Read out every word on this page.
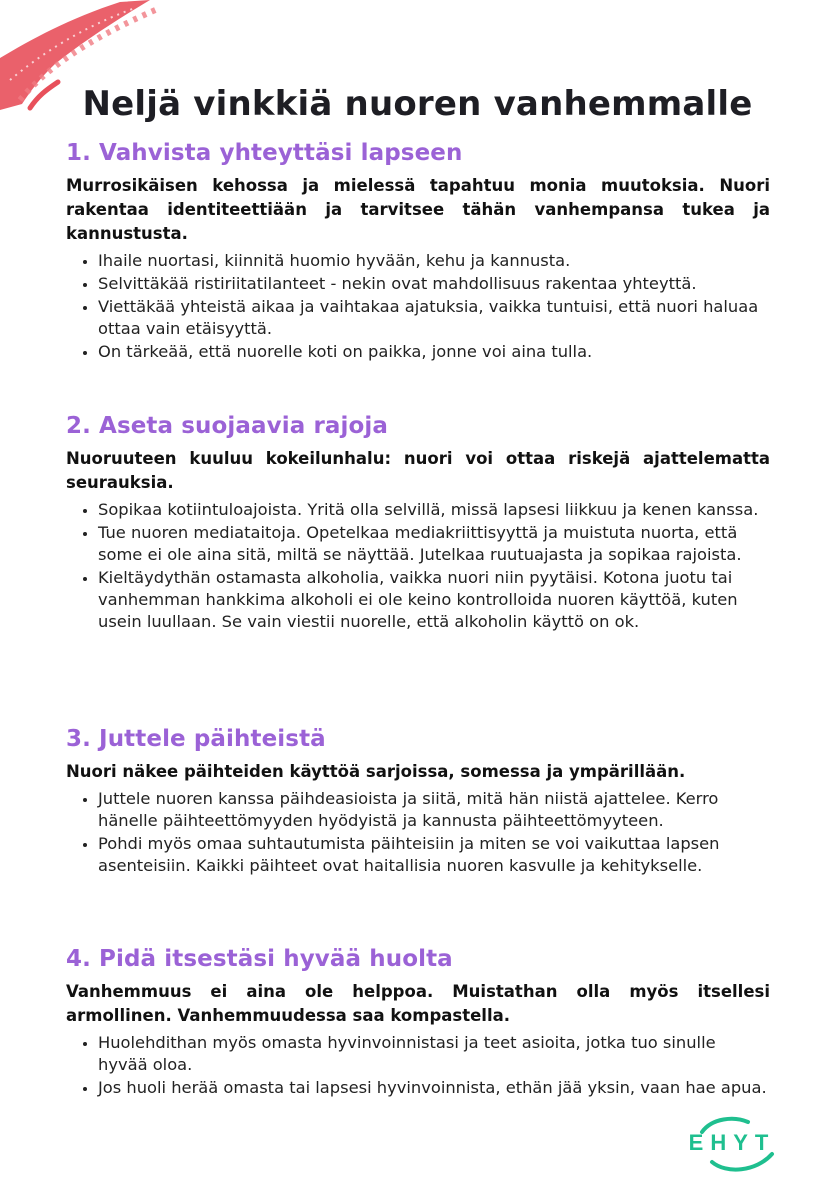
Neljä vinkkiä nuoren vanhemmalle
1. Vahvista yhteyttäsi lapseen

Murrosikäisen kehossa ja mielessä tapahtuu monia muutoksia. Nuori rakentaa identiteettiään ja tarvitsee tähän vanhempansa tukea ja kannustusta.

• Ihaile nuortasi, kiinnitä huomio hyvään, kehu ja kannusta.
• Selvittäkää ristiriitatilanteet - nekin ovat mahdollisuus rakentaa yhteyttä.
• Viettäkää yhteistä aikaa ja vaihtakaa ajatuksia, vaikka tuntuisi, että nuori haluaa ottaa vain etäisyyttä.
• On tärkeää, että nuorelle koti on paikka, jonne voi aina tulla.
2. Aseta suojaavia rajoja

Nuoruuteen kuuluu kokeilunhalu: nuori voi ottaa riskejä ajattelematta seurauksia.

• Sopikaa kotiintuloajoista. Yritä olla selvillä, missä lapsesi liikkuu ja kenen kanssa.
• Tue nuoren mediataitoja. Opetelkaa mediakriittisyyttä ja muistuta nuorta, että some ei ole aina sitä, miltä se näyttää. Jutelkaa ruutuajasta ja sopikaa rajoista.
• Kieltäydythän ostamasta alkoholia, vaikka nuori niin pyytäisi. Kotona juotu tai vanhemman hankkima alkoholi ei ole keino kontrolloida nuoren käyttöä, kuten usein luullaan. Se vain viestii nuorelle, että alkoholin käyttö on ok.
3. Juttele päihteistä

Nuori näkee päihteiden käyttöä sarjoissa, somessa ja ympärillään.

• Juttele nuoren kanssa päihdeasioista ja siitä, mitä hän niistä ajattelee. Kerro hänelle päihteettömyyden hyödyistä ja kannusta päihteettömyyteen.
• Pohdi myös omaa suhtautumista päihteisiin ja miten se voi vaikuttaa lapsen asenteisiin. Kaikki päihteet ovat haitallisia nuoren kasvulle ja kehitykselle.
4. Pidä itsestäsi hyvää huolta

Vanhemmuus ei aina ole helppoa. Muistathan olla myös itsellesi armollinen. Vanhemmuudessa saa kompastella.

• Huolehdithan myös omasta hyvinvoinnistasi ja teet asioita, jotka tuo sinulle hyvää oloa.
• Jos huoli herää omasta tai lapsesi hyvinvoinnista, ethän jää yksin, vaan hae apua.
EHYT
